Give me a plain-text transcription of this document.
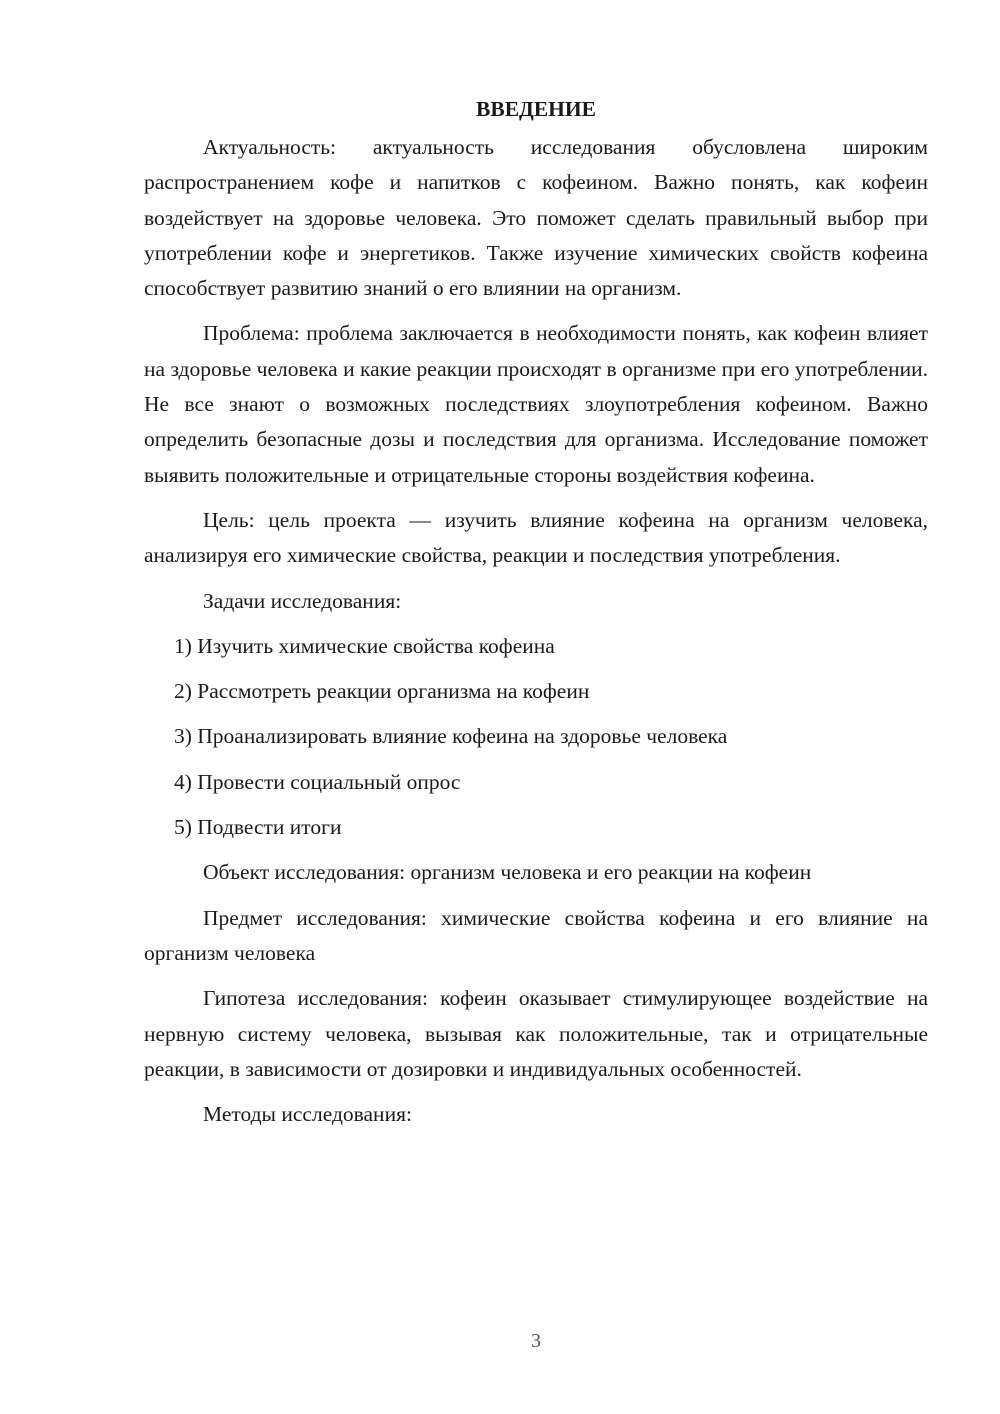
ВВЕДЕНИЕ

Актуальность: актуальность исследования обусловлена широким распространением кофе и напитков с кофеином. Важно понять, как кофеин воздействует на здоровье человека. Это поможет сделать правильный выбор при употреблении кофе и энергетиков. Также изучение химических свойств кофеина способствует развитию знаний о его влиянии на организм.

Проблема: проблема заключается в необходимости понять, как кофеин влияет на здоровье человека и какие реакции происходят в организме при его употреблении. Не все знают о возможных последствиях злоупотребления кофеином. Важно определить безопасные дозы и последствия для организма. Исследование поможет выявить положительные и отрицательные стороны воздействия кофеина.

Цель: цель проекта — изучить влияние кофеина на организм человека, анализируя его химические свойства, реакции и последствия употребления.

Задачи исследования:

1) Изучить химические свойства кофеина
2) Рассмотреть реакции организма на кофеин
3) Проанализировать влияние кофеина на здоровье человека
4) Провести социальный опрос
5) Подвести итоги

Объект исследования: организм человека и его реакции на кофеин

Предмет исследования: химические свойства кофеина и его влияние на организм человека

Гипотеза исследования: кофеин оказывает стимулирующее воздействие на нервную систему человека, вызывая как положительные, так и отрицательные реакции, в зависимости от дозировки и индивидуальных особенностей.

Методы исследования:

3
